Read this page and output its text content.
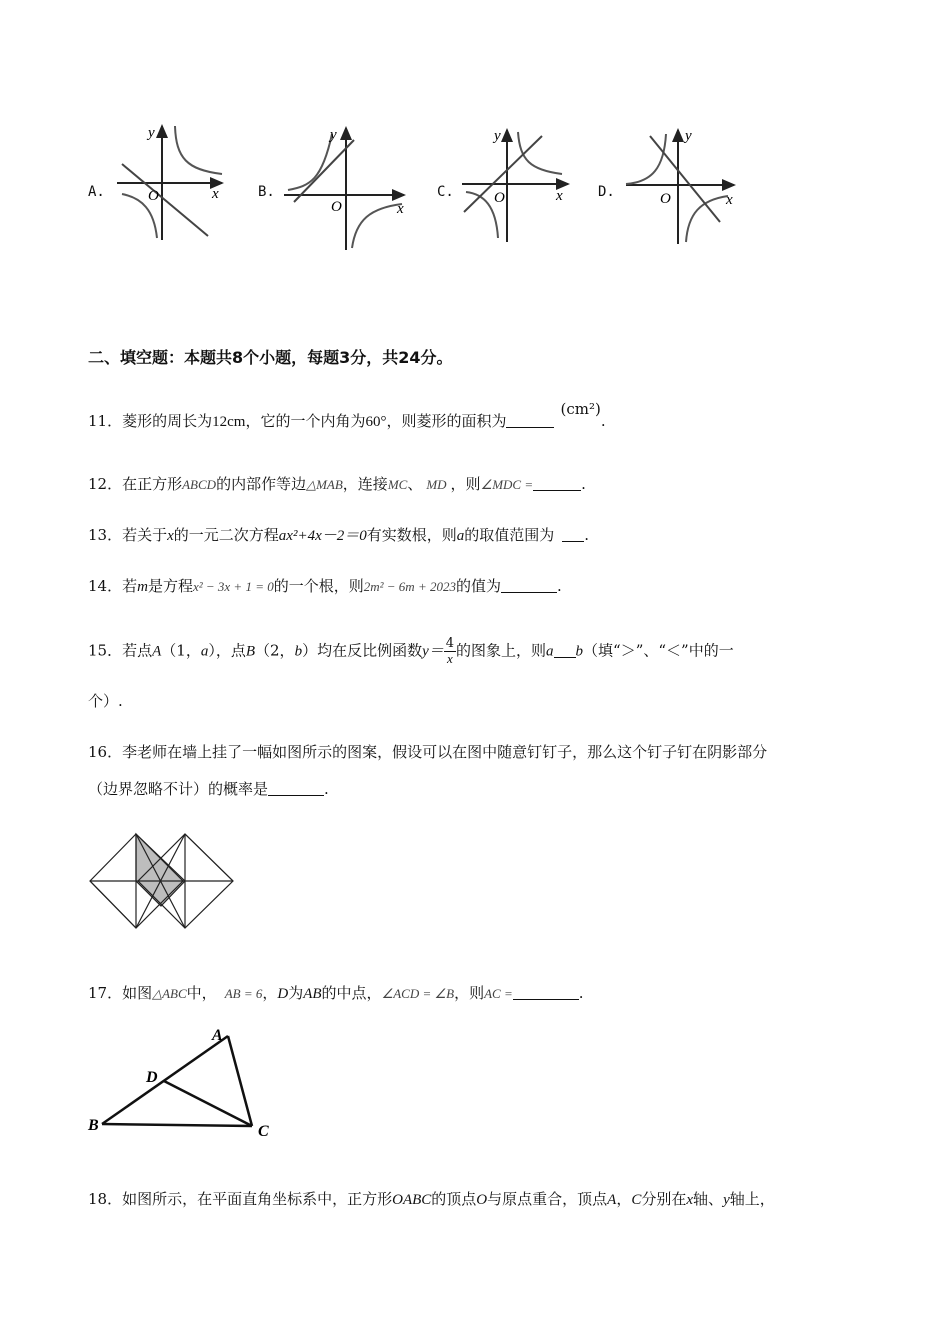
A.	B.	C.	D.
y
x
O
y
x
O
y
x
O
y
x
O
二、填空题：本题共8个小题，每题3分，共24分。
11．菱形的周长为12cm，它的一个内角为60°，则菱形的面积为(cm²).
12．在正方形ABCD的内部作等边△MAB，连接MC、 MD ，则∠MDC =	.
13．若关于x的一元二次方程ax²+4x－2＝0有实数根，则a的取值范围为 .
14．若m是方程x² − 3x + 1 = 0的一个根，则2m² − 6m + 2023的值为	.
15．若点A（1，a），点B（2，b）均在反比例函数$y= \frac{4}{x}$ 的图象上，则a b（填“＞”、“＜”中的一
个）.
16．李老师在墙上挂了一幅如图所示的图案，假设可以在图中随意钉钉子，那么这个钉子钉在阴影部分
（边界忽略不计）的概率是	.
17．如图△ABC中， AB = 6，D为AB的中点，∠ACD = ∠B，则AC =	.
A
B	C
D
18．如图所示，在平面直角坐标系中，正方形OABC的顶点O与原点重合，顶点A，C分别在x轴、y轴上，
